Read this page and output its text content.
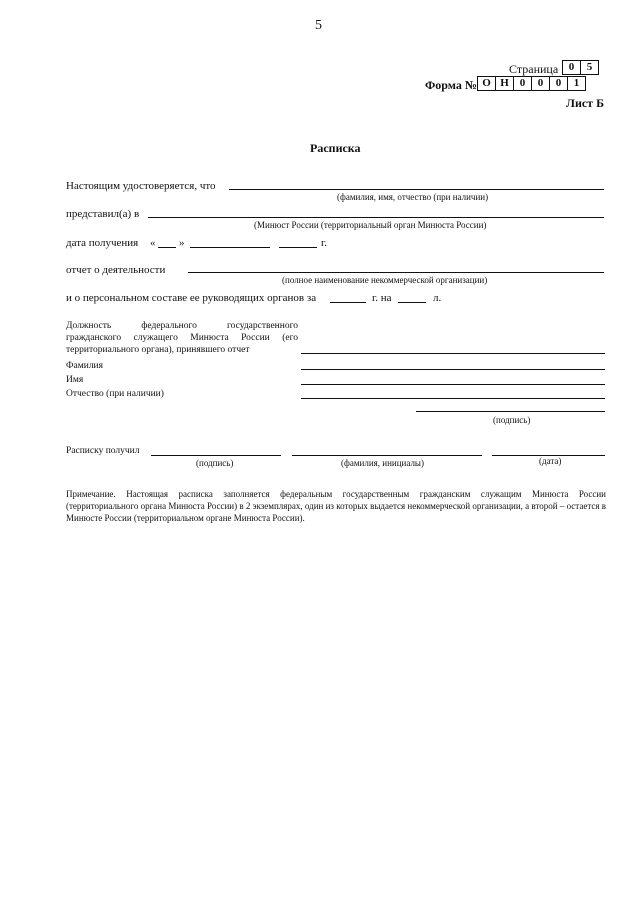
5
Страница 0	5
Форма № О Н 0	0	0	1
Лист Б
Расписка
Настоящим удостоверяется, что
(фамилия, имя, отчество (при наличии)
представил(а) в
(Минюст России (территориальный орган Минюста России)
дата получения « »	г.
отчет о деятельности
(полное наименование некоммерческой организации)
и о персональном составе ее руководящих органов за	г. на	л.
Должность федерального государственного гражданского служащего Минюста России (его территориального органа), принявшего отчет
Фамилия
Имя
Отчество (при наличии)
(подпись)
Расписку получил
(подпись)	(фамилия, инициалы)	(дата)
Примечание. Настоящая расписка заполняется федеральным государственным гражданским служащим Минюста России (территориального органа Минюста России) в 2 экземплярах, один из которых выдается некоммерческой организации, а второй – остается в Минюсте России (территориальном органе Минюста России).
